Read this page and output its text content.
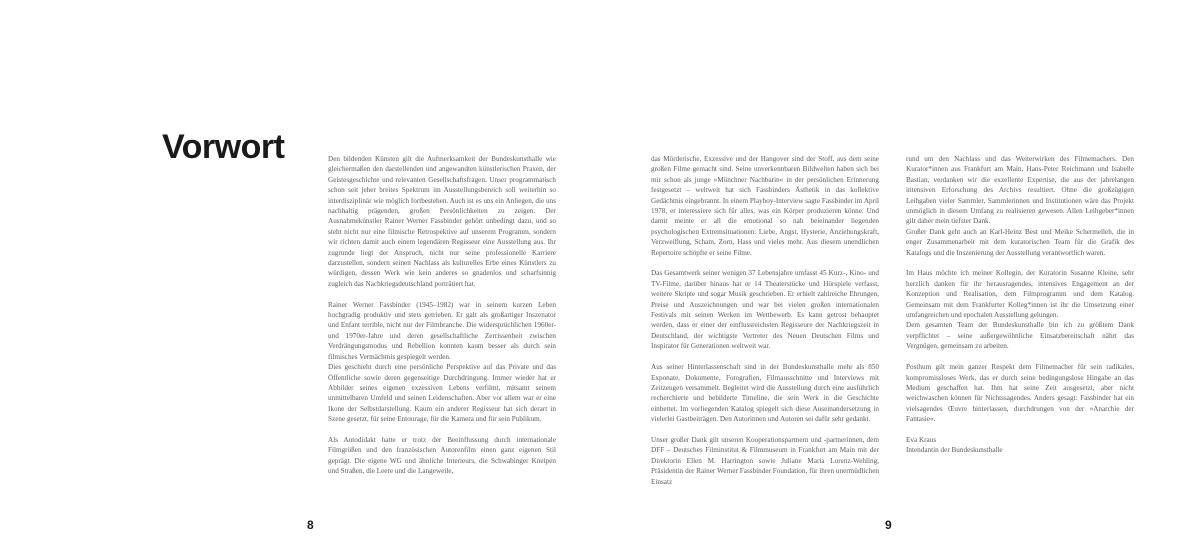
Vorwort	Den bildenden Künsten gilt die Aufmerksamkeit der Bundeskunsthalle wie gleichermaßen den darstellenden und angewandten künstlerischen Praxen, der Geistesgeschichte und relevanten Gesellschaftsfragen. Unser programmatisch schon seit jeher breites Spektrum im Ausstellungsbereich soll weiterhin so interdisziplinär wie möglich fortbestehen. Auch ist es uns ein Anliegen, die uns nachhaltig prägenden, großen Persönlichkeiten zu zeigen. Der Ausnahmekünstler Rainer Werner Fassbinder gehört unbedingt dazu, und so steht nicht nur eine filmische Retrospektive auf unserem Programm, sondern wir richten damit auch einem legendären Regisseur eine Ausstellung aus. Ihr zugrunde liegt der Anspruch, nicht nur seine professionelle Karriere darzustellen, sondern seinen Nachlass als kulturelles Erbe eines Künstlers zu würdigen, dessen Werk wie kein anderes so gnadenlos und scharfsinnig zugleich das Nachkriegsdeutschland porträtiert hat.

Rainer Werner Fassbinder (1945–1982) war in seinem kurzen Leben hochgradig produktiv und stets getrieben. Er galt als großartiger Inszenator und Enfant terrible, nicht nur der Filmbranche. Die widersprüchlichen 1960er- und 1970er-Jahre und deren gesellschaftliche Zerrissenheit zwischen Verdrängungsmodus und Rebellion konnten kaum besser als durch sein filmisches Vermächtnis gespiegelt werden.

Dies geschieht durch eine persönliche Perspektive auf das Private und das Öffentliche sowie deren gegenseitige Durchdringung. Immer wieder hat er Abbilder seines eigenen exzessiven Lebens verfilmt, mitsamt seinem unmittelbaren Umfeld und seinen Leidenschaften. Aber vor allem war er eine Ikone der Selbstdarstellung. Kaum ein anderer Regisseur hat sich derart in Szene gesetzt, für seine Entourage, für die Kamera und für sein Publikum.

Als Autodidakt hatte er trotz der Beeinflussung durch internationale Filmgrößen und den französischen Autorenfilm einen ganz eigenen Stil geprägt. Die eigene WG und ähnliche Interieurs, die Schwabinger Kneipen und Straßen, die Leere und die Langeweile,

das Mörderische, Exzessive und der Hangover sind der Stoff, aus dem seine großen Filme gemacht sind. Seine unverkennbaren Bildwelten haben sich bei mir schon als junge »Münchner Nachbarin« in der persönlichen Erinnerung festgesetzt – weltweit hat sich Fassbinders Ästhetik in das kollektive Gedächtnis eingebrannt. In einem Playboy-Interview sagte Fassbinder im April 1978, er interessiere sich für alles, was ein Körper produzieren könne. Und damit meinte er all die emotional so nah beieinander liegenden psychologischen Extremsituationen: Liebe, Angst, Hysterie, Anziehungskraft, Verzweiflung, Scham, Zorn, Hass und vieles mehr. Aus diesem unendlichen Repertoire schöpfte er seine Filme.

Das Gesamtwerk seiner wenigen 37 Lebensjahre umfasst 45 Kurz-, Kino- und TV-Filme, darüber hinaus hat er 14 Theaterstücke und Hörspiele verfasst, weitere Skripte und sogar Musik geschrieben. Er erhielt zahlreiche Ehrungen, Preise und Auszeichnungen und war bei vielen großen internationalen Festivals mit seinen Werken im Wettbewerb. Es kann getrost behauptet werden, dass er einer der einflussreichsten Regisseure der Nachkriegszeit in Deutschland, der wichtigste Vertreter des Neuen Deutschen Films und Inspirator für Generationen weltweit war.

Aus seiner Hinterlassenschaft sind in der Bundeskunsthalle mehr als 850 Exponate, Dokumente, Fotografien, Filmausschnitte und Interviews mit Zeitzeugen versammelt. Begleitet wird die Ausstellung durch eine ausführlich recherchierte und bebilderte Timeline, die sein Werk in die Geschichte einbettet. Im vorliegenden Katalog spiegelt sich diese Auseinandersetzung in vielerlei Gastbeiträgen. Den Autorinnen und Autoren sei dafür sehr gedankt.

Unser großer Dank gilt unseren Kooperationspartnern und -partnerinnen, dem DFF – Deutsches Filminstitut & Filmmuseum in Frankfurt am Main mit der Direktorin Ellen M. Harrington sowie Juliane Maria Lorenz-Wehling, Präsidentin der Rainer Werner Fassbinder Foundation, für ihren unermüdlichen Einsatz

rund um den Nachlass und das Weiterwirken des Filmemachers. Den Kurator*innen aus Frankfurt am Main, Hans-Peter Reichmann und Isabelle Bastian, verdanken wir die exzellente Expertise, die aus der jahrelangen intensiven Erforschung des Archivs resultiert. Ohne die großzügigen Leihgaben vieler Sammler, Sammlerinnen und Institutionen wäre das Projekt unmöglich in diesem Umfang zu realisieren gewesen. Allen Leihgeber*innen gilt daher mein tiefster Dank.

Großer Dank geht auch an Karl-Heinz Best und Meike Schermelleh, die in enger Zusammenarbeit mit dem kuratorischen Team für die Grafik des Katalogs und die Inszenierung der Ausstellung verantwortlich waren.

Im Haus möchte ich meiner Kollegin, der Kuratorin Susanne Kleine, sehr herzlich danken für ihr herausragendes, intensives Engagement an der Konzeption und Realisation, dem Filmprogramm und dem Katalog. Gemeinsam mit dem Frankfurter Kolleg*innen ist ihr die Umsetzung einer umfangreichen und epochalen Ausstellung gelungen.

Dem gesamten Team der Bundeskunsthalle bin ich zu größtem Dank verpflichtet – seine außergewöhnliche Einsatzbereitschaft nährt das Vergnügen, gemeinsam zu arbeiten.

Posthum gilt mein ganzer Respekt dem Filmemacher für sein radikales, kompromissloses Werk, das er durch seine bedingungslose Hingabe an das Medium geschaffen hat. Ihm hat seine Zeit ausgesetzt, aber nicht weichwaschen können für Nichtssagendes. Anders gesagt: Fassbinder hat ein vielsagendes Œuvre hinterlassen, durchdrungen von der »Anarchie der Fantasie«.

Eva Kraus

Intendantin der Bundeskunsthalle

8	9
